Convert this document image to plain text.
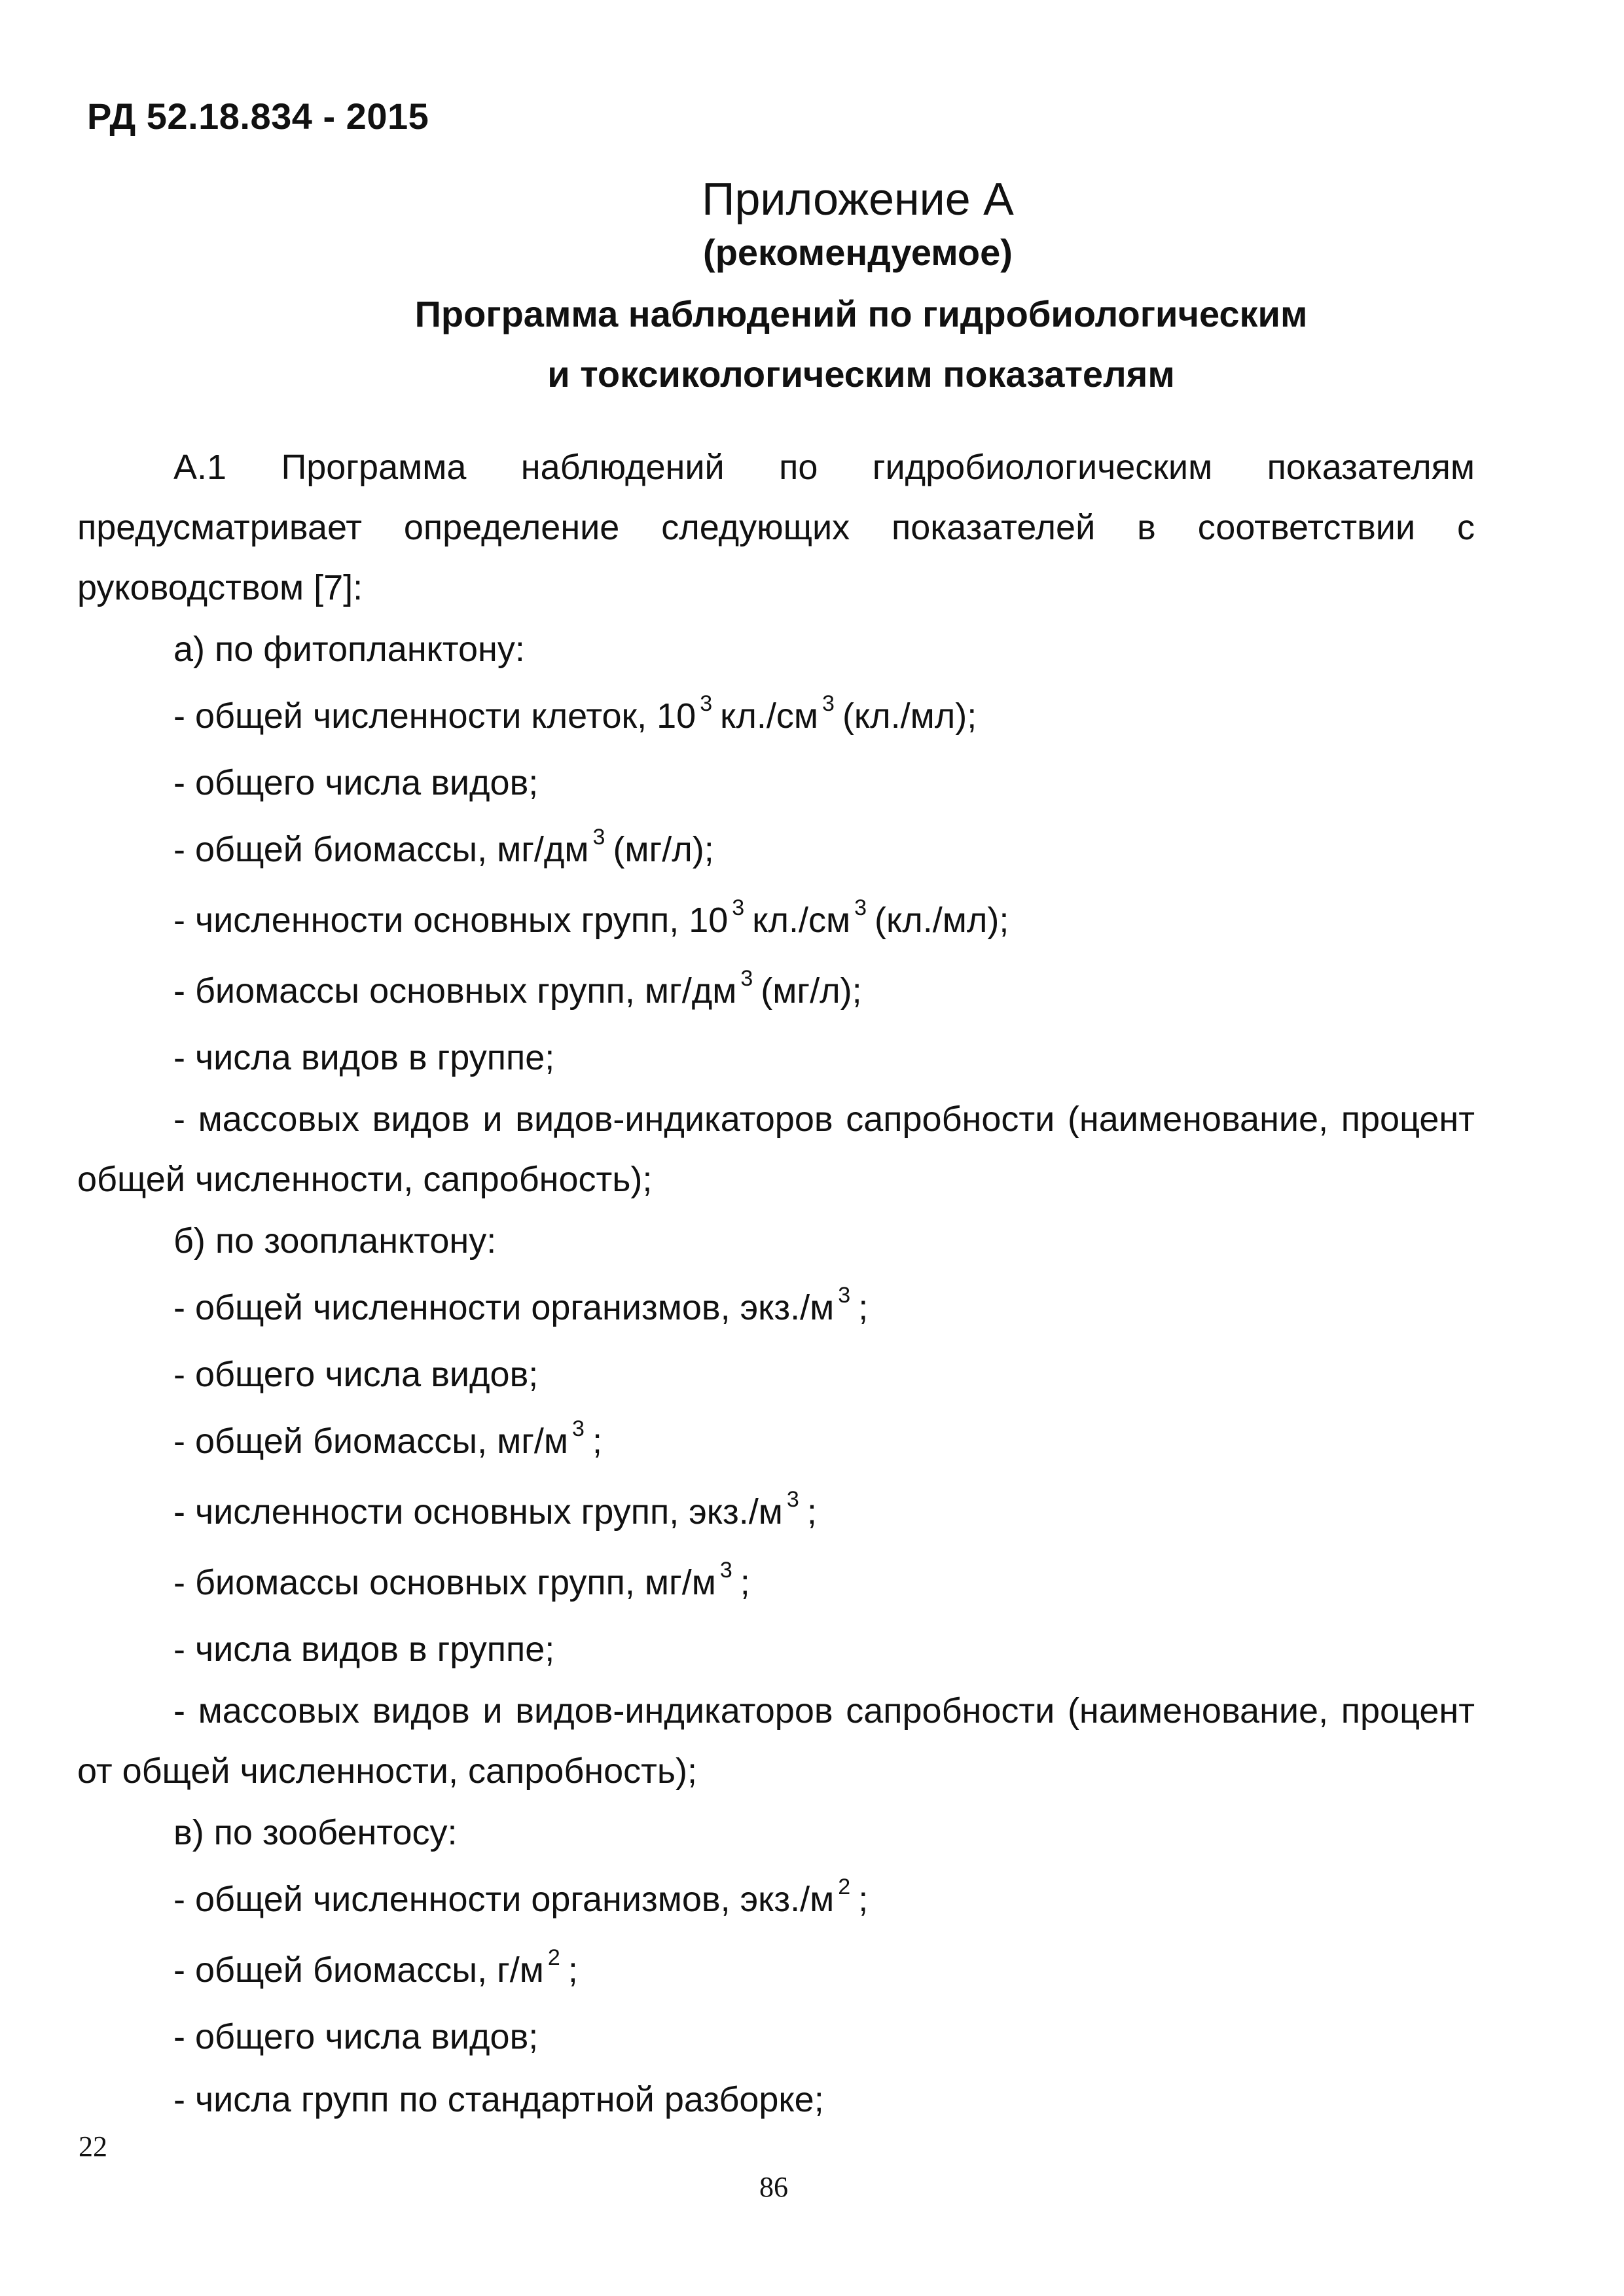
РД 52.18.834 - 2015
Приложение А
(рекомендуемое)
Программа наблюдений по гидробиологическим
и токсикологическим показателям

А.1 Программа наблюдений по гидробиологическим показателям предусматривает определение следующих показателей в соответствии с

руководством [7]:

а) по фитопланктону:

- общей численности клеток, 10 $^3$ кл./см $^3$ (кл./мл);

- общего числа видов;

- общей биомассы, мг/дм $^3$ (мг/л);

- численности основных групп, 10 $^3$ кл./см $^3$ (кл./мл);

- биомассы основных групп, мг/дм $^3$ (мг/л);

- числа видов в группе;

- массовых видов и видов-индикаторов сапробности (наименование, процент

общей численности, сапробность);

б) по зоопланктону:

- общей численности организмов, экз./м $^3$ ;

- общего числа видов;

- общей биомассы, мг/м $^3$ ;

- численности основных групп, экз./м $^3$ ;

- биомассы основных групп, мг/м $^3$ ;

- числа видов в группе;

- массовых видов и видов-индикаторов сапробности (наименование, процент

от общей численности, сапробность);

в) по зообентосу:

- общей численности организмов, экз./м $^2$ ;

- общей биомассы, г/м $^2$ ;

- общего числа видов;

- числа групп по стандартной разборке;

22
86
